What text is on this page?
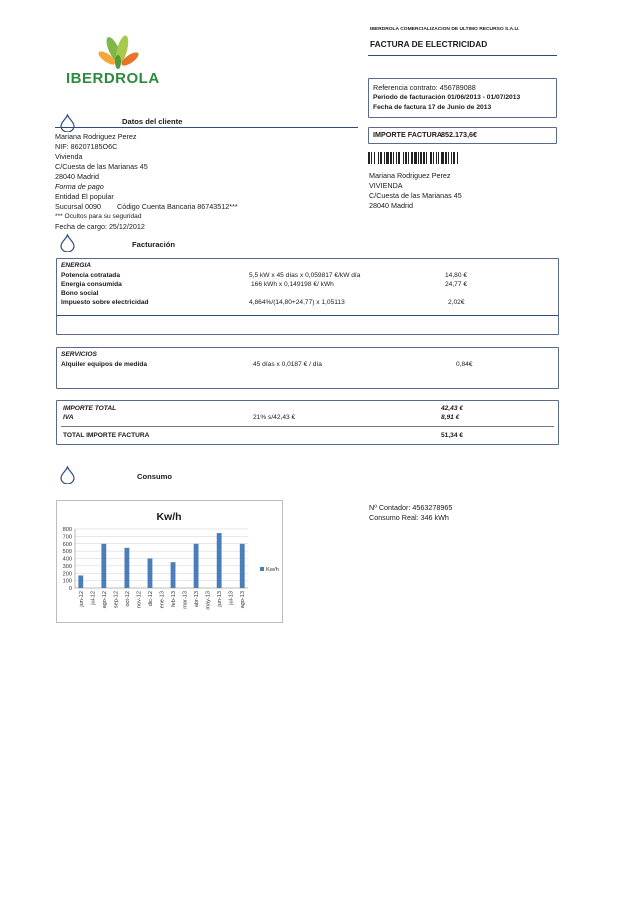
IBERDROLA
IBERDROLA COMERCIALIZACION DE ULTIMO RECURSO S.A.U.
FACTURA DE ELECTRICIDAD
Referencia contrato: 456789088
Periodo de facturación 01/06/2013 - 01/07/2013
Fecha de factura 17 de Junio de 2013
IMPORTE FACTURA
852.173,6€
Mariana Rodriguez Perez
VIVIENDA
C/Cuesta de las Marianas 45
28040 Madrid
Datos del cliente
Mariana Rodriguez Perez
NIF: 86207185O6C
Vivienda
C/Cuesta de las Marianas 45
28040 Madrid
Forma de pago
Entidad El popular
Sucursal 0090 Código Cuenta Bancaria 86743512***
*** Ocultos para su seguridad
Fecha de cargo: 25/12/2012
Facturación
ENERGIA
Potencia cotratada	5,5 kW x 45 días x 0,059817 €/kW día	14,80 €
Energia consumida	166 kWh x 0,149198 €/ kWh	24,77 €
Bono social
Impuesto sobre electricidad	4,864%/(14,80+24,77) x 1,05113	2,02€
SERVICIOS
Alquiler equipos de medida	45 días x 0,0187 € / día	0,84€
IMPORTE TOTAL	42,43 €
IVA	21% s/42,43 €	8,91 €
TOTAL IMPORTE FACTURA	51,34 €
Consumo
Nº Contador: 4563278965
Consumo Real: 346 kWh
Kw/h
0
100
200
300
400
500
600
700
800
jun-12 jul-12 ago-12 sep-12 oct-12 nov-12 dic-12 ene-13 feb-13 mar-13 abr-13 may-13 jun-13 jul-13 ago-13
Kw/h
